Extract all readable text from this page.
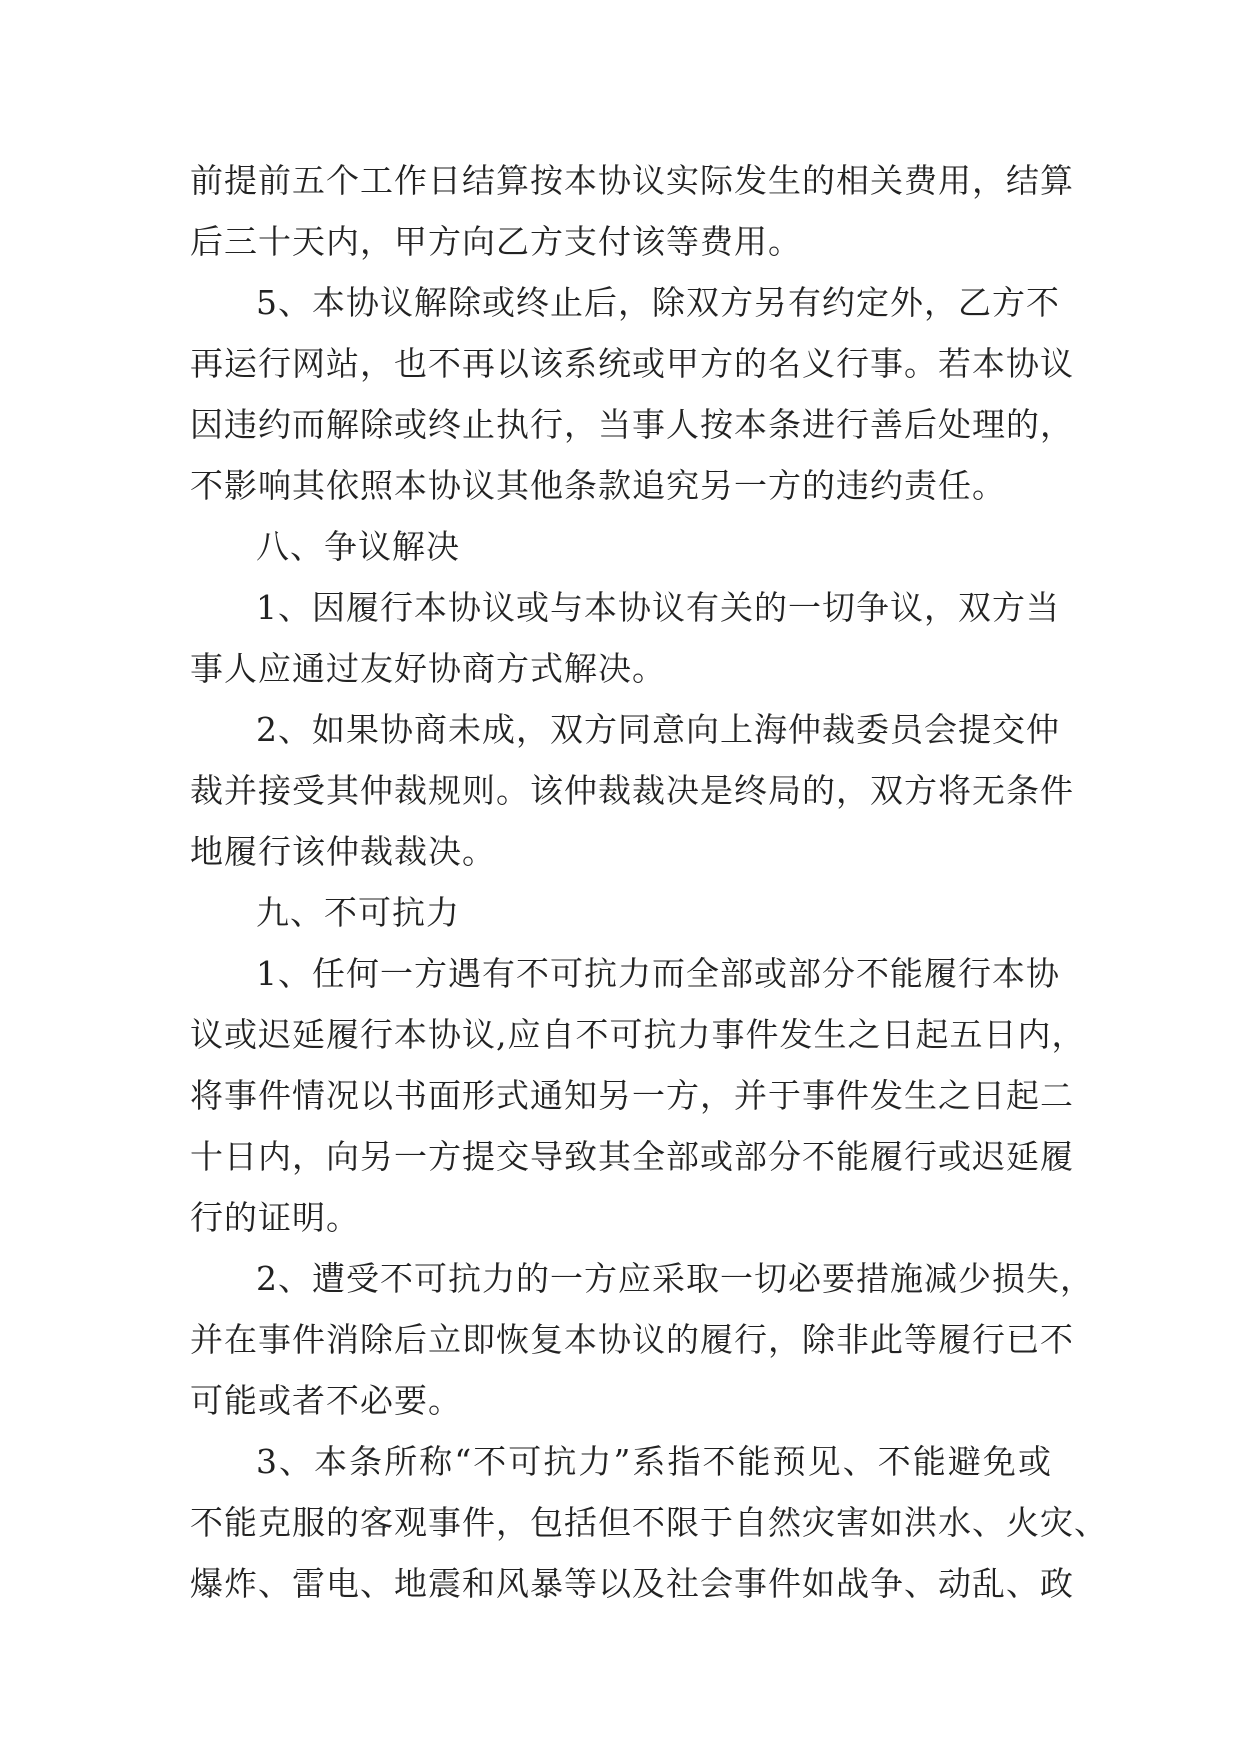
前提前五个工作日结算按本协议实际发生的相关费用，结算
后三十天内，甲方向乙方支付该等费用。
5、本协议解除或终止后，除双方另有约定外，乙方不
再运行网站，也不再以该系统或甲方的名义行事。若本协议
因违约而解除或终止执行，当事人按本条进行善后处理的，
不影响其依照本协议其他条款追究另一方的违约责任。
八、争议解决
1、因履行本协议或与本协议有关的一切争议，双方当
事人应通过友好协商方式解决。
2、如果协商未成，双方同意向上海仲裁委员会提交仲
裁并接受其仲裁规则。该仲裁裁决是终局的，双方将无条件
地履行该仲裁裁决。
九、不可抗力
1、任何一方遇有不可抗力而全部或部分不能履行本协
议或迟延履行本协议,应自不可抗力事件发生之日起五日内，
将事件情况以书面形式通知另一方，并于事件发生之日起二
十日内，向另一方提交导致其全部或部分不能履行或迟延履
行的证明。
2、遭受不可抗力的一方应采取一切必要措施减少损失，
并在事件消除后立即恢复本协议的履行，除非此等履行已不
可能或者不必要。
3、本条所称“不可抗力”系指不能预见、不能避免或
不能克服的客观事件，包括但不限于自然灾害如洪水、火灾、
爆炸、雷电、地震和风暴等以及社会事件如战争、动乱、政
